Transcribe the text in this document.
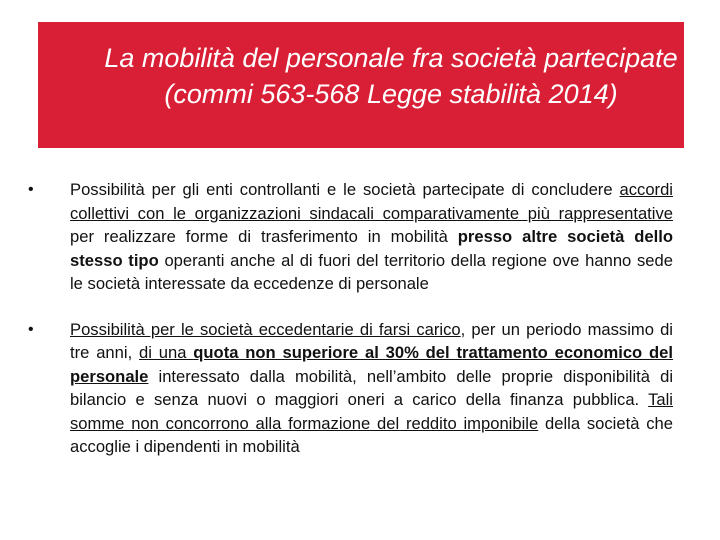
La mobilità del personale fra società partecipate (commi 563-568 Legge stabilità 2014)
• Possibilità per gli enti controllanti e le società partecipate di concludere accordi collettivi con le organizzazioni sindacali comparativamente più rappresentative per realizzare forme di trasferimento in mobilità presso altre società dello stesso tipo operanti anche al di fuori del territorio della regione ove hanno sede le società interessate da eccedenze di personale
• Possibilità per le società eccedentarie di farsi carico, per un periodo massimo di tre anni, di una quota non superiore al 30% del trattamento economico del personale interessato dalla mobilità, nell’ambito delle proprie disponibilità di bilancio e senza nuovi o maggiori oneri a carico della finanza pubblica. Tali somme non concorrono alla formazione del reddito imponibile della società che accoglie i dipendenti in mobilità
